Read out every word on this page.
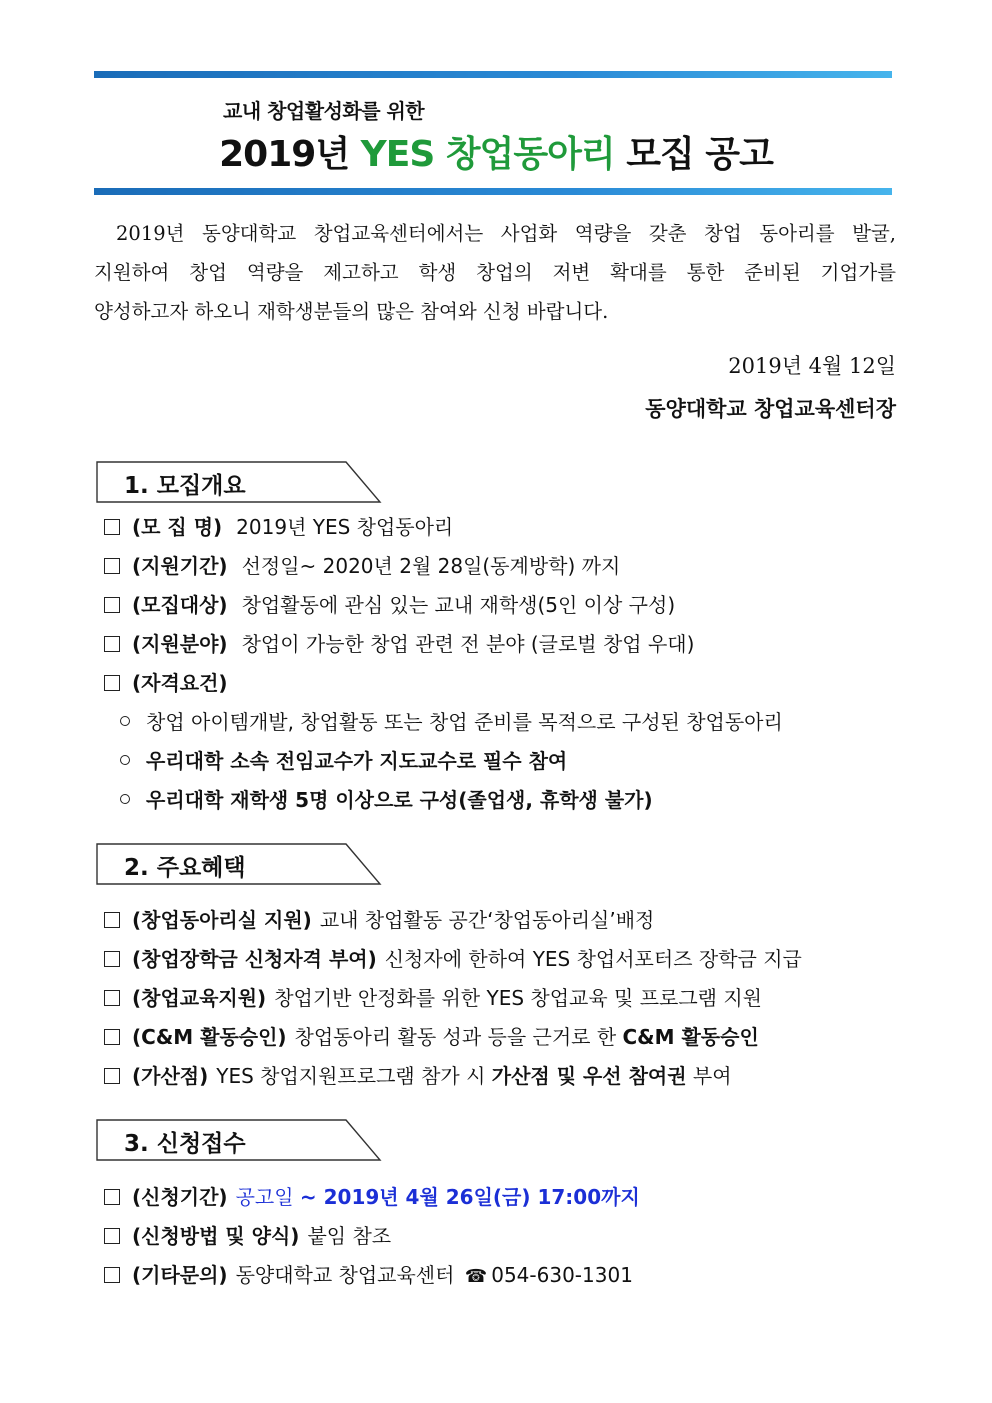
교내 창업활성화를 위한
2019년 YES 창업동아리 모집 공고
2019년 동양대학교 창업교육센터에서는 사업화 역량을 갖춘 창업 동아리를 발굴,
지원하여 창업 역량을 제고하고 학생 창업의 저변 확대를 통한 준비된 기업가를
양성하고자 하오니 재학생분들의 많은 참여와 신청 바랍니다.
2019년 4월 12일
동양대학교 창업교육센터장
1. 모집개요
(모 집 명) 2019년 YES 창업동아리
(지원기간) 선정일~ 2020년 2월 28일(동계방학) 까지
(모집대상) 창업활동에 관심 있는 교내 재학생(5인 이상 구성)
(지원분야) 창업이 가능한 창업 관련 전 분야 (글로벌 창업 우대)
(자격요건)
창업 아이템개발, 창업활동 또는 창업 준비를 목적으로 구성된 창업동아리
우리대학 소속 전임교수가 지도교수로 필수 참여
우리대학 재학생 5명 이상으로 구성(졸업생, 휴학생 불가)
2. 주요혜택
(창업동아리실 지원) 교내 창업활동 공간‘창업동아리실’배정
(창업장학금 신청자격 부여) 신청자에 한하여 YES 창업서포터즈 장학금 지급
(창업교육지원) 창업기반 안정화를 위한 YES 창업교육 및 프로그램 지원
(C&M 활동승인) 창업동아리 활동 성과 등을 근거로 한 C&M 활동승인
(가산점) YES 창업지원프로그램 참가 시 가산점 및 우선 참여권 부여
3. 신청접수
(신청기간) 공고일 ~ 2019년 4월 26일(금) 17:00까지
(신청방법 및 양식) 붙임 참조
(기타문의) 동양대학교 창업교육센터 ☎ 054-630-1301
